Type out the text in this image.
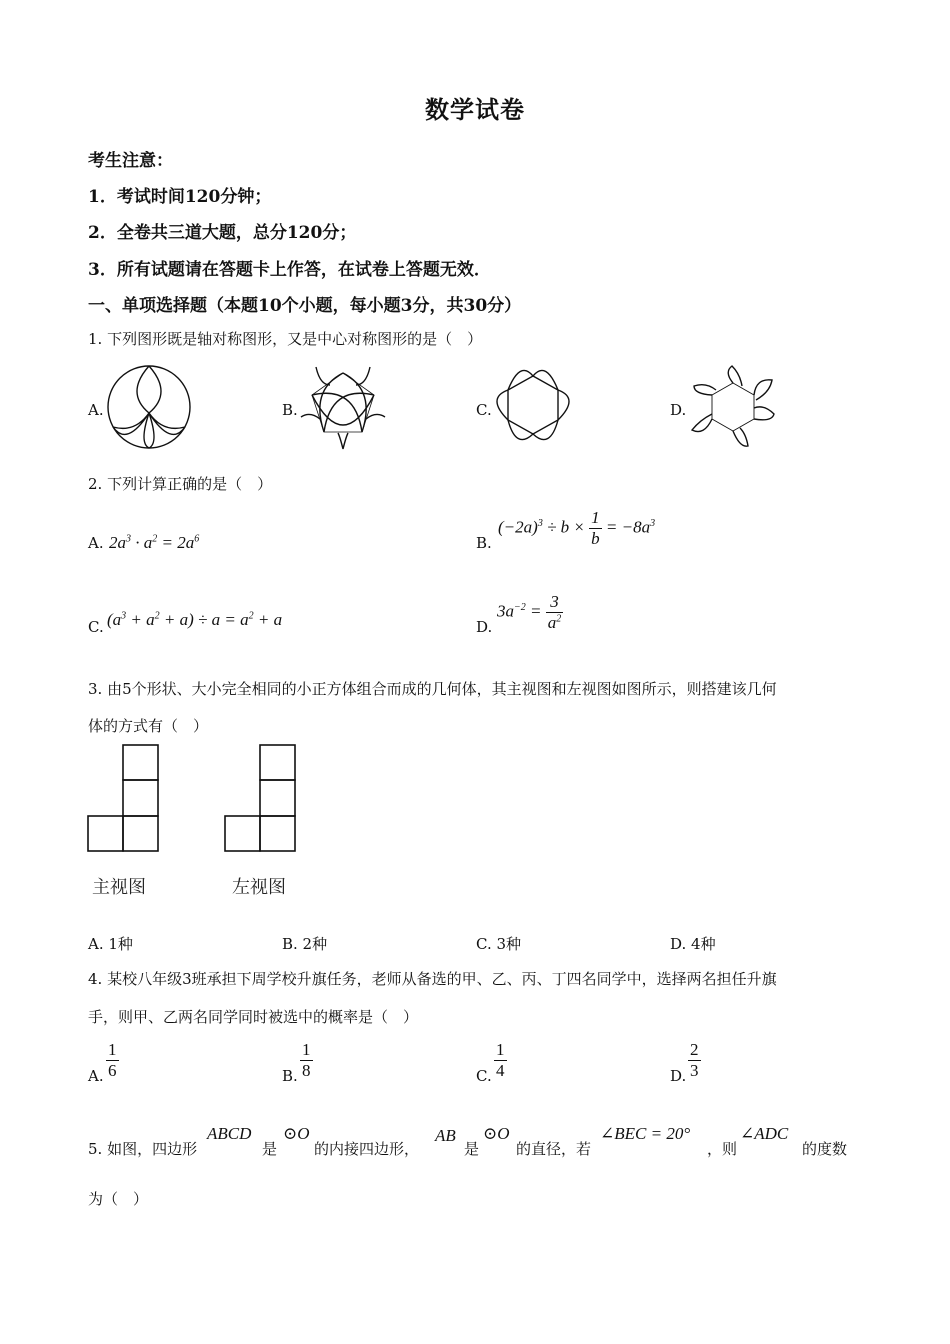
数学试卷
考生注意：
1．考试时间120分钟；
2．全卷共三道大题，总分120分；
3．所有试题请在答题卡上作答，在试卷上答题无效．
一、单项选择题（本题10个小题，每小题3分，共30分）
1. 下列图形既是轴对称图形，又是中心对称图形的是（　）
A.	B.	C.	D.
2. 下列计算正确的是（　）
A. $2a^3 \cdot a^2 = 2a^6$	B.
$(-2a)^3 \div b \times \frac{1}{b} = -8a^3$
C. $(a^3 + a^2 + a) \div a = a^2 + a$	D.
$3a^{-2} = \frac{3}{a^2}$
3. 由5个形状、大小完全相同的小正方体组合而成的几何体，其主视图和左视图如图所示，则搭建该几何
体的方式有（　）
主视图	左视图
A. 1种	B. 2种	C. 3种	D. 4种
4. 某校八年级3班承担下周学校升旗任务，老师从备选的甲、乙、丙、丁四名同学中，选择两名担任升旗
手，则甲、乙两名同学同时被选中的概率是（　）
A. $\frac{1}{6}$	B. $\frac{1}{8}$	C. $\frac{1}{4}$	D. $\frac{2}{3}$
5. 如图，四边形
ABCD
是
⊙O
的内接四边形，
AB
是
⊙O
的直径，若
∠BEC = 20°
，则
∠ADC
的度数
为（　）
